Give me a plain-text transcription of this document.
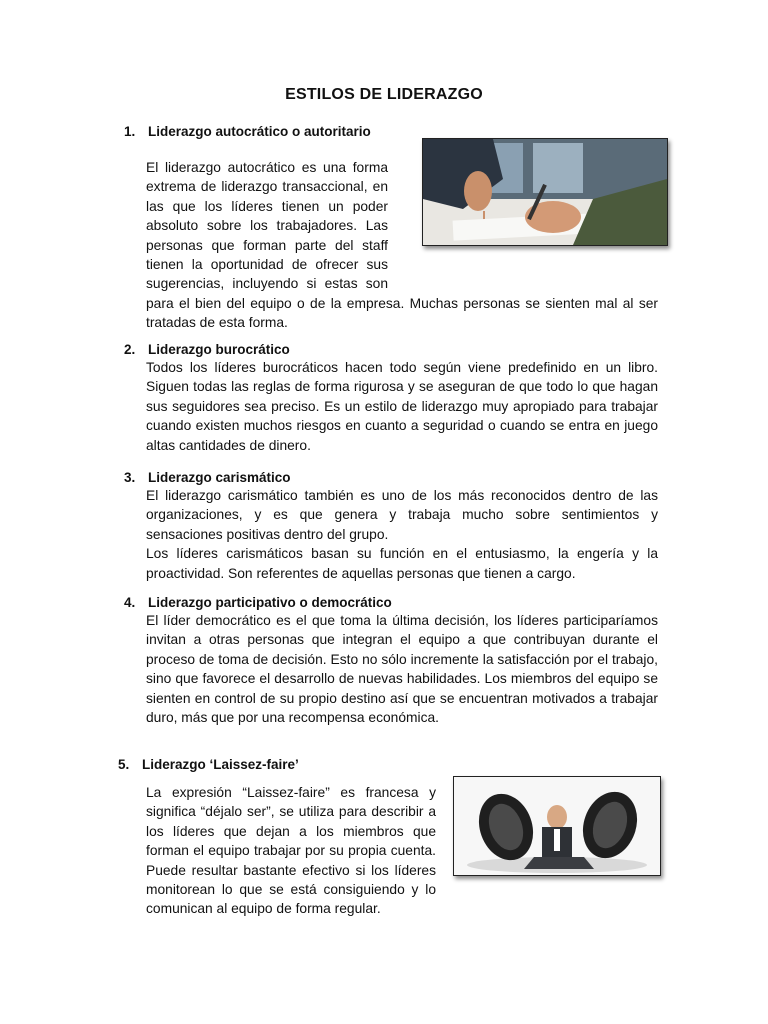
ESTILOS DE LIDERAZGO
1. Liderazgo autocrático o autoritario

El liderazgo autocrático es una forma extrema de liderazgo transaccional, en las que los líderes tienen un poder absoluto sobre los trabajadores. Las personas que forman parte del staff tienen la oportunidad de ofrecer sus sugerencias, incluyendo si estas son para el bien del equipo o de la empresa. Muchas personas se sienten mal al ser tratadas de esta forma.

2. Liderazgo burocrático

Todos los líderes burocráticos hacen todo según viene predefinido en un libro. Siguen todas las reglas de forma rigurosa y se aseguran de que todo lo que hagan sus seguidores sea preciso. Es un estilo de liderazgo muy apropiado para trabajar cuando existen muchos riesgos en cuanto a seguridad o cuando se entra en juego altas cantidades de dinero.

3. Liderazgo carismático

El liderazgo carismático también es uno de los más reconocidos dentro de las organizaciones, y es que genera y trabaja mucho sobre sentimientos y sensaciones positivas dentro del grupo.

Los líderes carismáticos basan su función en el entusiasmo, la engería y la proactividad. Son referentes de aquellas personas que tienen a cargo.

4. Liderazgo participativo o democrático

El líder democrático es el que toma la última decisión, los líderes participaríamos invitan a otras personas que integran el equipo a que contribuyan durante el proceso de toma de decisión. Esto no sólo incremente la satisfacción por el trabajo, sino que favorece el desarrollo de nuevas habilidades. Los miembros del equipo se sienten en control de su propio destino así que se encuentran motivados a trabajar duro, más que por una recompensa económica.

5. Liderazgo ‘Laissez-faire’

La expresión “Laissez-faire” es francesa y significa “déjalo ser”, se utiliza para describir a los líderes que dejan a los miembros que forman el equipo trabajar por su propia cuenta. Puede resultar bastante efectivo si los líderes monitorean lo que se está consiguiendo y lo comunican al equipo de forma regular.
